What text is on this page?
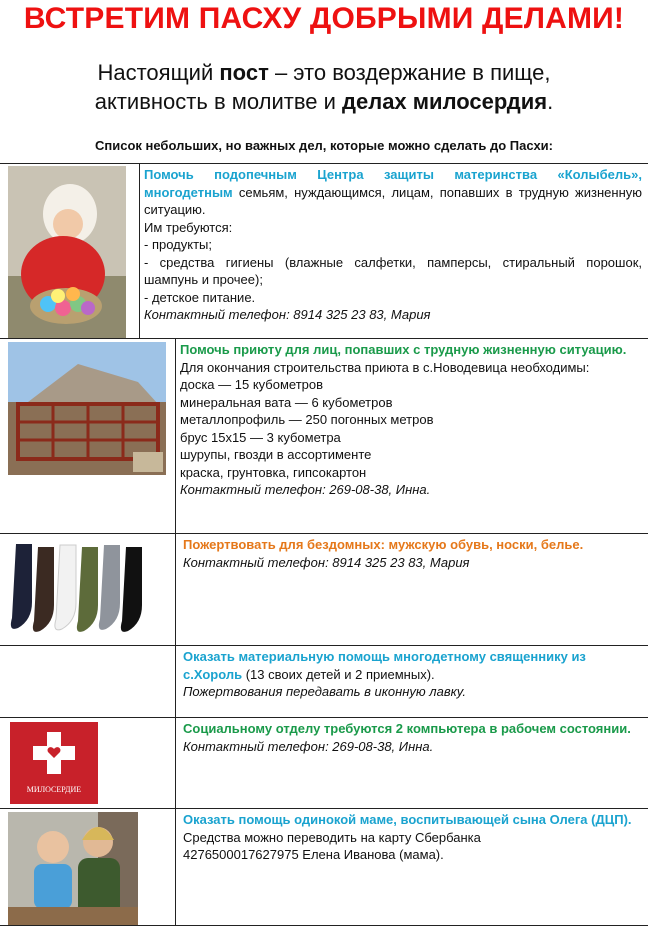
ВСТРЕТИМ ПАСХУ ДОБРЫМИ ДЕЛАМИ!
Настоящий пост – это воздержание в пище,
активность в молитве и делах милосердия.
Список небольших, но важных дел, которые можно сделать до Пасхи:
Помочь подопечным Центра защиты материнства «Колыбель», многодетным семьям, нуждающимся, лицам, попавших в трудную жизненную ситуацию.
Им требуются:
- продукты;
- средства гигиены (влажные салфетки, памперсы, стиральный порошок, шампунь и прочее);
- детское питание.
Контактный телефон: 8914 325 23 83, Мария
Помочь приюту для лиц, попавших с трудную жизненную ситуацию.
Для окончания строительства приюта в с.Новодевица необходимы:
доска — 15 кубометров
минеральная вата — 6 кубометров
металлопрофиль — 250 погонных метров
брус 15х15 — 3 кубометра
шурупы, гвозди в ассортименте
краска, грунтовка, гипсокартон
Контактный телефон: 269-08-38, Инна.
Пожертвовать для бездомных: мужскую обувь, носки, белье.
Контактный телефон: 8914 325 23 83, Мария
Оказать материальную помощь многодетному священнику из с.Хороль (13 своих детей и 2 приемных).
Пожертвования передавать в иконную лавку.
МИЛОСЕРДИЕ
Социальному отделу требуются 2 компьютера в рабочем состоянии.
Контактный телефон: 269-08-38, Инна.
Оказать помощь одинокой маме, воспитывающей сына Олега (ДЦП).
Средства можно переводить на карту Сбербанка
4276500017627975 Елена Иванова (мама).
